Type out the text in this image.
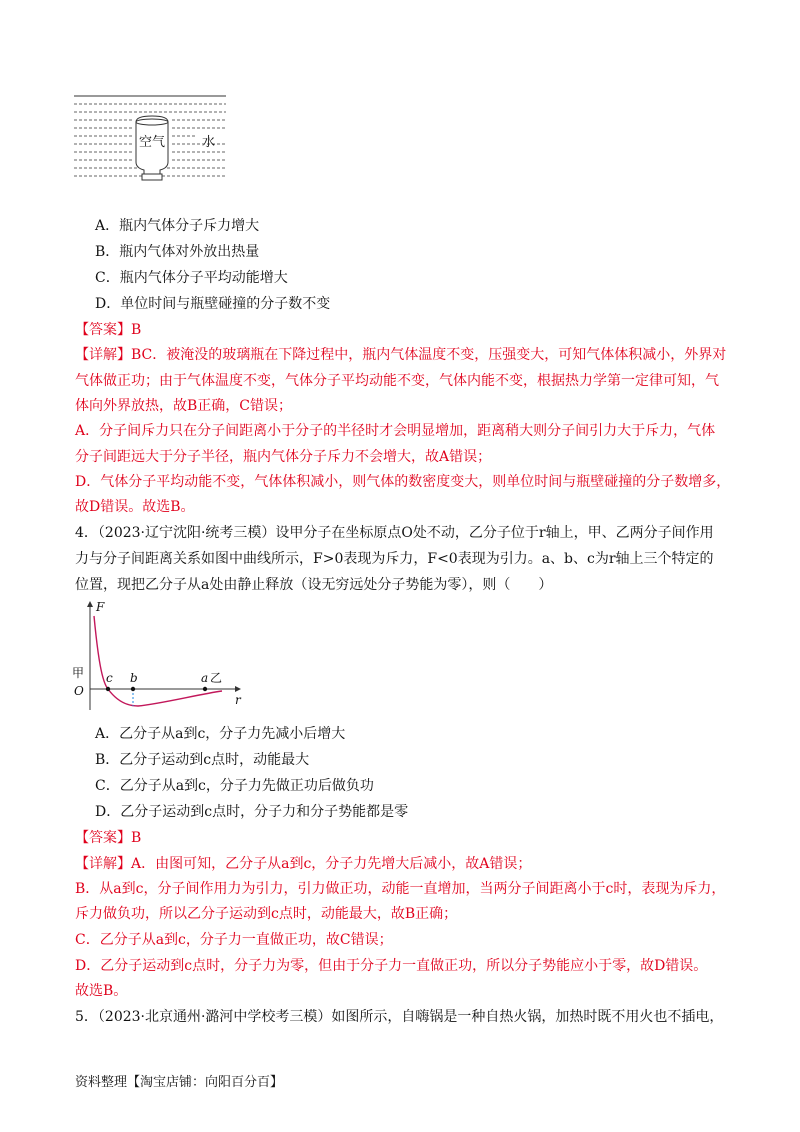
空气	水
A．瓶内气体分子斥力增大
B．瓶内气体对外放出热量
C．瓶内气体分子平均动能增大
D．单位时间与瓶壁碰撞的分子数不变
【答案】B
【详解】BC．被淹没的玻璃瓶在下降过程中，瓶内气体温度不变，压强变大，可知气体体积减小，外界对
气体做正功；由于气体温度不变，气体分子平均动能不变，气体内能不变，根据热力学第一定律可知，气
体向外界放热，故B正确，C错误；
A．分子间斥力只在分子间距离小于分子的半径时才会明显增加，距离稍大则分子间引力大于斥力，气体
分子间距远大于分子半径，瓶内气体分子斥力不会增大，故A错误；
D．气体分子平均动能不变，气体体积减小，则气体的数密度变大，则单位时间与瓶壁碰撞的分子数增多，
故D错误。故选B。
4．（2023·辽宁沈阳·统考三模）设甲分子在坐标原点O处不动，乙分子位于r轴上，甲、乙两分子间作用
力与分子间距离关系如图中曲线所示，F>0表现为斥力，F<0表现为引力。a、b、c为r轴上三个特定的
位置，现把乙分子从a处由静止释放（设无穷远处分子势能为零），则（　　）
F
r
O
甲 c b	a 乙
A．乙分子从a到c，分子力先减小后增大
B．乙分子运动到c点时，动能最大
C．乙分子从a到c，分子力先做正功后做负功
D．乙分子运动到c点时，分子力和分子势能都是零
【答案】B
【详解】A．由图可知，乙分子从a到c，分子力先增大后减小，故A错误；
B．从a到c，分子间作用力为引力，引力做正功，动能一直增加，当两分子间距离小于c时，表现为斥力，
斥力做负功，所以乙分子运动到c点时，动能最大，故B正确；
C．乙分子从a到c，分子力一直做正功，故C错误；
D．乙分子运动到c点时，分子力为零，但由于分子力一直做正功，所以分子势能应小于零，故D错误。
故选B。
5．（2023·北京通州·潞河中学校考三模）如图所示，自嗨锅是一种自热火锅，加热时既不用火也不插电，
资料整理【淘宝店铺：向阳百分百】
